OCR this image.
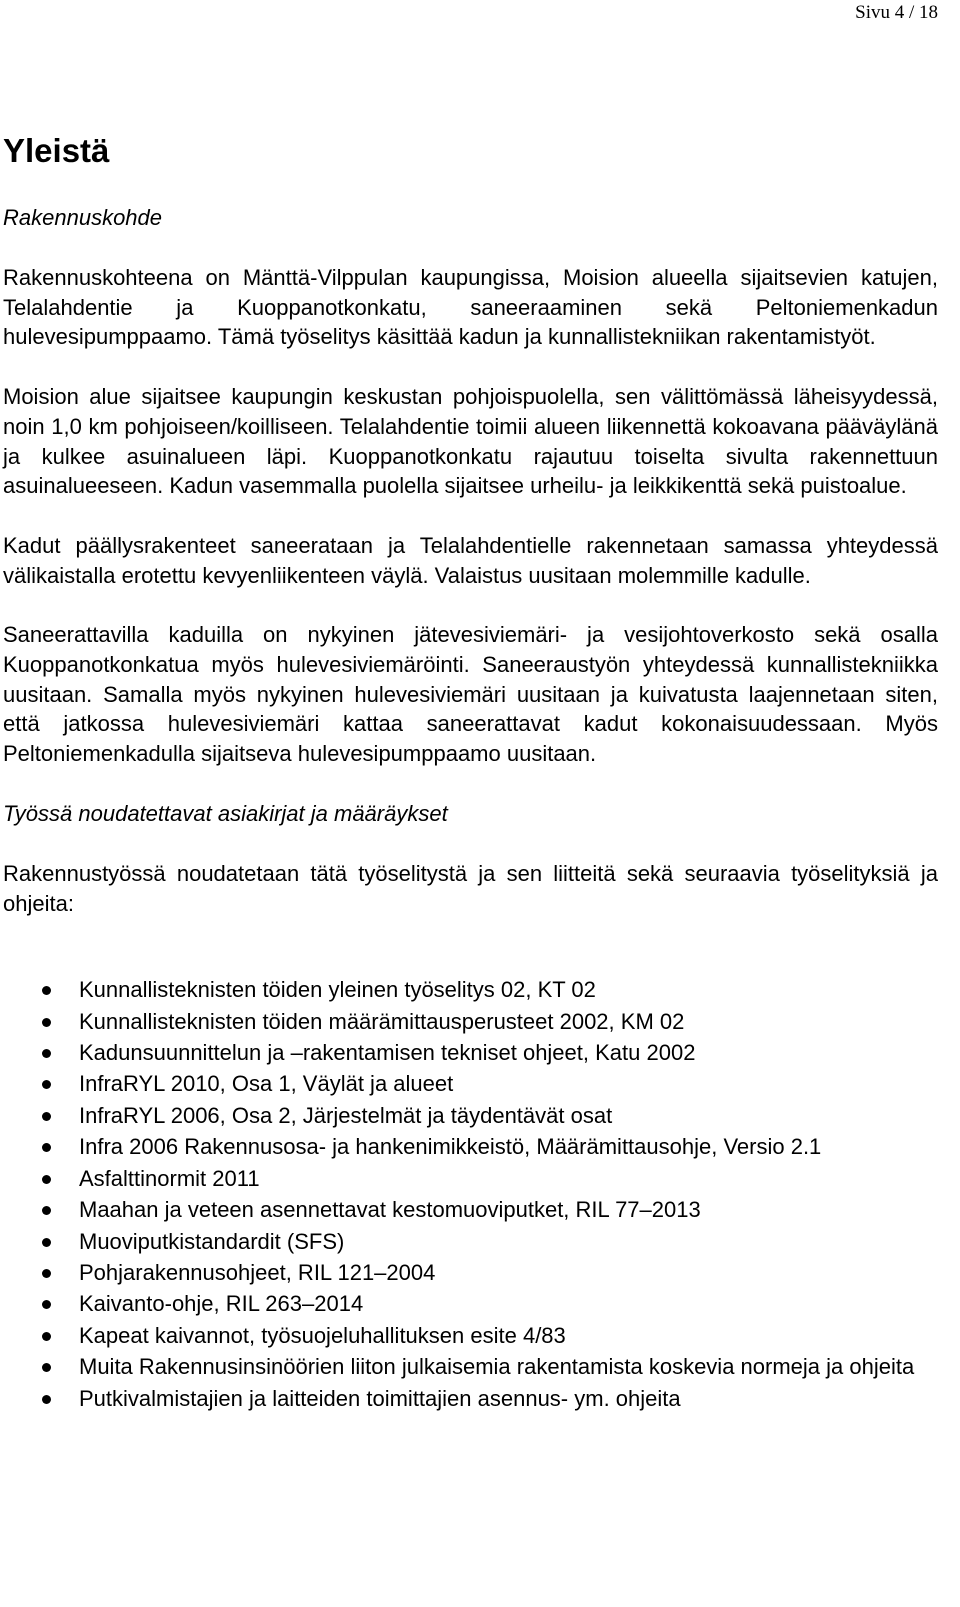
Sivu 4 / 18
Yleistä
Rakennuskohde

Rakennuskohteena on Mänttä-Vilppulan kaupungissa, Moision alueella sijaitsevien katujen, Telalahdentie ja Kuoppanotkonkatu, saneeraaminen sekä Peltoniemenkadun hulevesipumppaamo. Tämä työselitys käsittää kadun ja kunnallistekniikan rakentamistyöt.

Moision alue sijaitsee kaupungin keskustan pohjoispuolella, sen välittömässä läheisyydessä, noin 1,0 km pohjoiseen/koilliseen. Telalahdentie toimii alueen liikennettä kokoavana pääväylänä ja kulkee asuinalueen läpi. Kuoppanotkonkatu rajautuu toiselta sivulta rakennettuun asuinalueeseen. Kadun vasemmalla puolella sijaitsee urheilu- ja leikkikenttä sekä puistoalue.

Kadut päällysrakenteet saneerataan ja Telalahdentielle rakennetaan samassa yhteydessä välikaistalla erotettu kevyenliikenteen väylä. Valaistus uusitaan molemmille kadulle.

Saneerattavilla kaduilla on nykyinen jätevesiviemäri- ja vesijohtoverkosto sekä osalla Kuoppanotkonkatua myös hulevesiviemäröinti. Saneeraustyön yhteydessä kunnallistekniikka uusitaan. Samalla myös nykyinen hulevesiviemäri uusitaan ja kuivatusta laajennetaan siten, että jatkossa hulevesiviemäri kattaa saneerattavat kadut kokonaisuudessaan. Myös Peltoniemenkadulla sijaitseva hulevesipumppaamo uusitaan.

Työssä noudatettavat asiakirjat ja määräykset

Rakennustyössä noudatetaan tätä työselitystä ja sen liitteitä sekä seuraavia työselityksiä ja ohjeita:

Kunnallisteknisten töiden yleinen työselitys 02, KT 02
Kunnallisteknisten töiden määrämittausperusteet 2002, KM 02
Kadunsuunnittelun ja –rakentamisen tekniset ohjeet, Katu 2002
InfraRYL 2010, Osa 1, Väylät ja alueet
InfraRYL 2006, Osa 2, Järjestelmät ja täydentävät osat
Infra 2006 Rakennusosa- ja hankenimikkeistö, Määrämittausohje, Versio 2.1
Asfalttinormit 2011
Maahan ja veteen asennettavat kestomuoviputket, RIL 77–2013
Muoviputkistandardit (SFS)
Pohjarakennusohjeet, RIL 121–2004
Kaivanto-ohje, RIL 263–2014
Kapeat kaivannot, työsuojeluhallituksen esite 4/83
Muita Rakennusinsinöörien liiton julkaisemia rakentamista koskevia normeja ja ohjeita
Putkivalmistajien ja laitteiden toimittajien asennus- ym. ohjeita
